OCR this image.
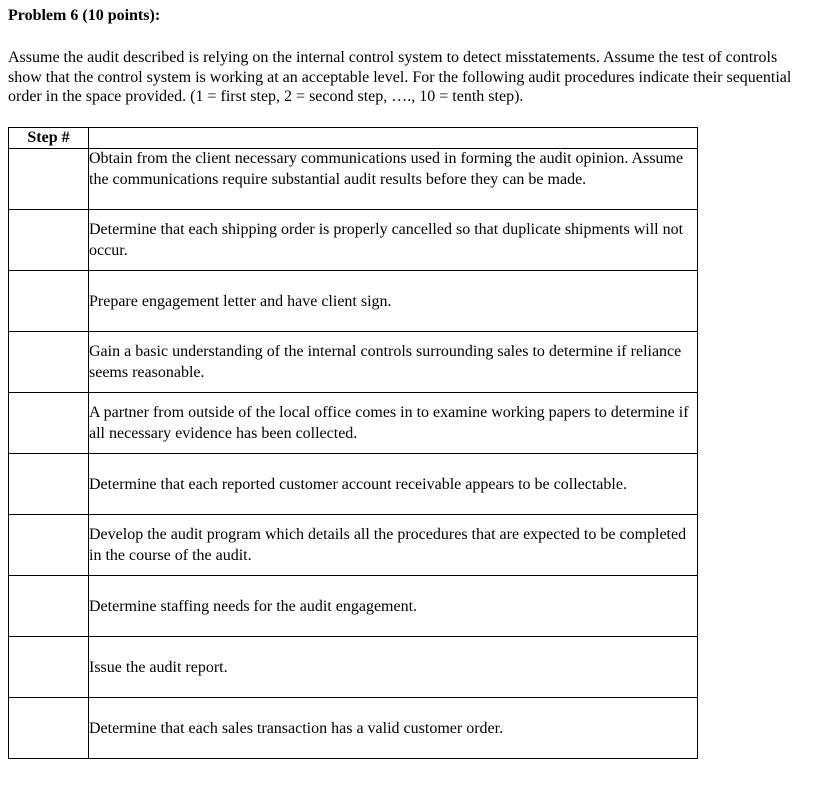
Problem 6 (10 points):

Assume the audit described is relying on the internal control system to detect misstatements. Assume the test of controls show that the control system is working at an acceptable level. For the following audit procedures indicate their sequential order in the space provided. (1 = first step, 2 = second step, …., 10 = tenth step).

Step #	
	Obtain from the client necessary communications used in forming the audit opinion. Assume the communications require substantial audit results before they can be made.
	Determine that each shipping order is properly cancelled so that duplicate shipments will not occur.
	Prepare engagement letter and have client sign.
	Gain a basic understanding of the internal controls surrounding sales to determine if reliance seems reasonable.
	A partner from outside of the local office comes in to examine working papers to determine if all necessary evidence has been collected.
	Determine that each reported customer account receivable appears to be collectable.
	Develop the audit program which details all the procedures that are expected to be completed in the course of the audit.
	Determine staffing needs for the audit engagement.
	Issue the audit report.
	Determine that each sales transaction has a valid customer order.
